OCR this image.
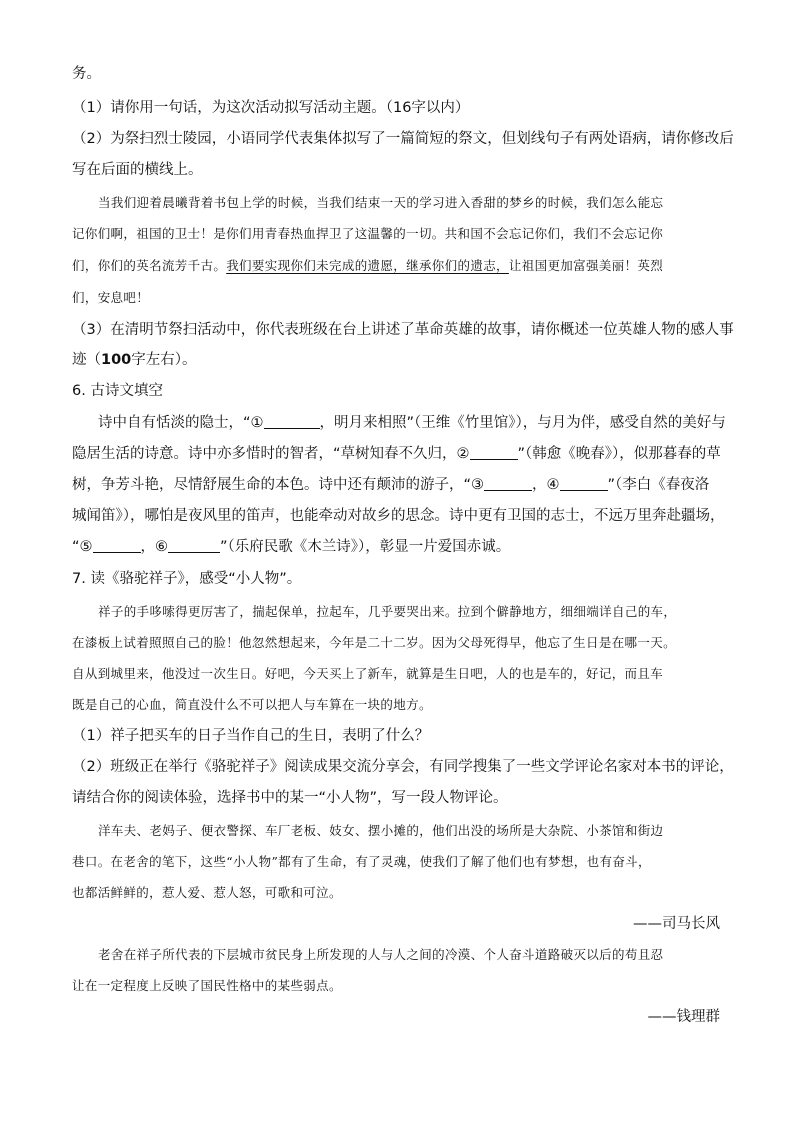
务。
（1）请你用一句话，为这次活动拟写活动主题。（16字以内）
（2）为祭扫烈士陵园，小语同学代表集体拟写了一篇简短的祭文，但划线句子有两处语病，请你修改后
写在后面的横线上。
当我们迎着晨曦背着书包上学的时候，当我们结束一天的学习进入香甜的梦乡的时候，我们怎么能忘
记你们啊，祖国的卫士！是你们用青春热血捍卫了这温馨的一切。共和国不会忘记你们，我们不会忘记你
们，你们的英名流芳千古。我们要实现你们未完成的遗愿，继承你们的遗志，让祖国更加富强美丽！英烈
们，安息吧！
（3）在清明节祭扫活动中，你代表班级在台上讲述了革命英雄的故事，请你概述一位英雄人物的感人事
迹（100字左右）。
6. 古诗文填空
诗中自有恬淡的隐士，“①	，明月来相照”（王维《竹里馆》），与月为伴，感受自然的美好与
隐居生活的诗意。诗中亦多惜时的智者，“草树知春不久归，②	”（韩愈《晚春》），似那暮春的草
树，争芳斗艳，尽情舒展生命的本色。诗中还有颠沛的游子，“③	，④	”（李白《春夜洛
城闻笛》），哪怕是夜风里的笛声，也能牵动对故乡的思念。诗中更有卫国的志士，不远万里奔赴疆场，
“⑤	，⑥	”（乐府民歌《木兰诗》），彰显一片爱国赤诚。
7. 读《骆驼祥子》，感受“小人物”。
祥子的手哆嗦得更厉害了，揣起保单，拉起车，几乎要哭出来。拉到个僻静地方，细细端详自己的车，
在漆板上试着照照自己的脸！他忽然想起来，今年是二十二岁。因为父母死得早，他忘了生日是在哪一天。
自从到城里来，他没过一次生日。好吧，今天买上了新车，就算是生日吧，人的也是车的，好记，而且车
既是自己的心血，简直没什么不可以把人与车算在一块的地方。
（1）祥子把买车的日子当作自己的生日，表明了什么？
（2）班级正在举行《骆驼祥子》阅读成果交流分享会，有同学搜集了一些文学评论名家对本书的评论，
请结合你的阅读体验，选择书中的某一“小人物”，写一段人物评论。
洋车夫、老妈子、便衣警探、车厂老板、妓女、摆小摊的，他们出没的场所是大杂院、小茶馆和街边
巷口。在老舍的笔下，这些“小人物”都有了生命，有了灵魂，使我们了解了他们也有梦想，也有奋斗，
也都活鲜鲜的，惹人爱、惹人怒，可歌和可泣。
——司马长风
老舍在祥子所代表的下层城市贫民身上所发现的人与人之间的冷漠、个人奋斗道路破灭以后的苟且忍
让在一定程度上反映了国民性格中的某些弱点。
——钱理群
